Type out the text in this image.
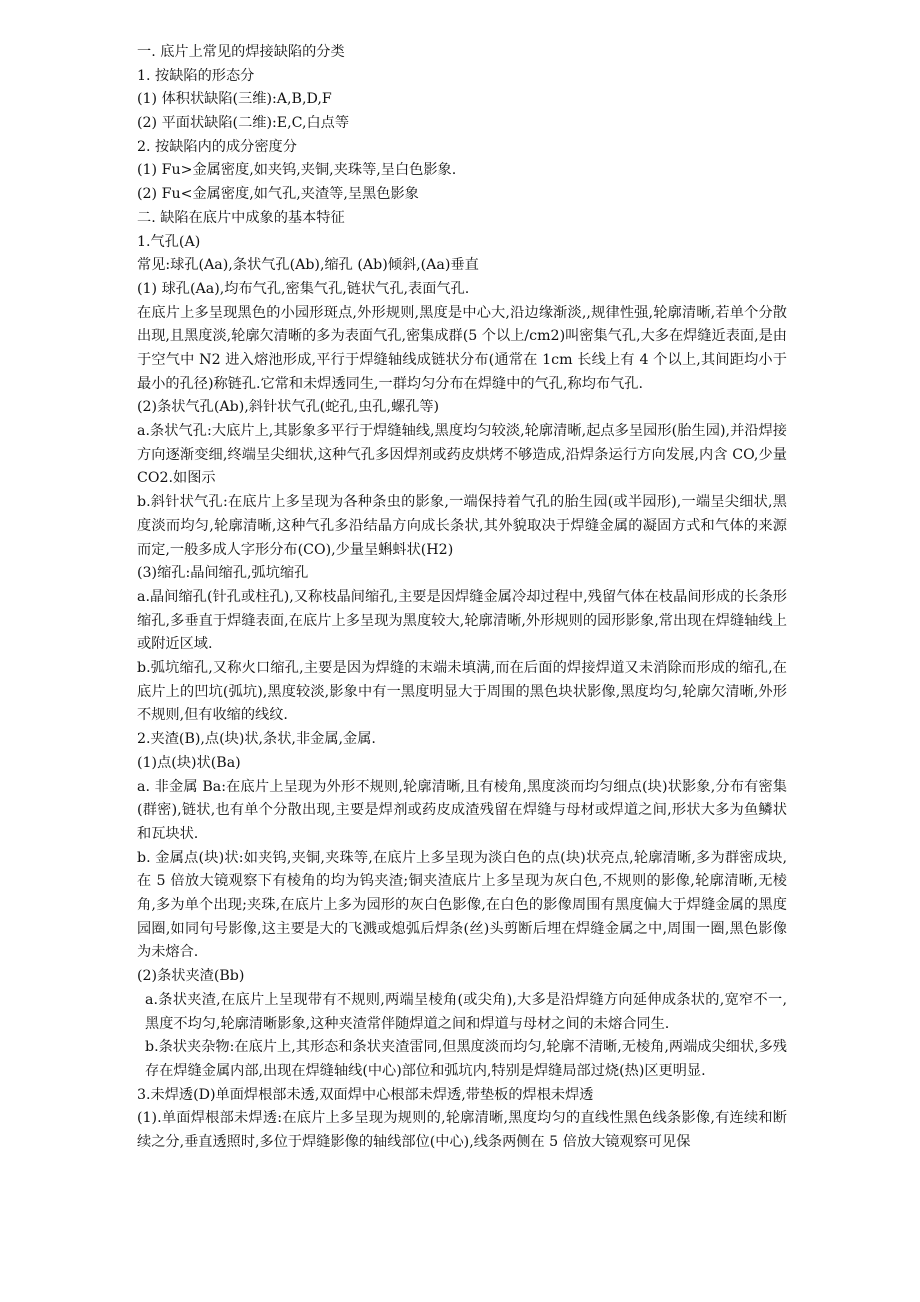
一. 底片上常见的焊接缺陷的分类
1. 按缺陷的形态分
(1) 体积状缺陷(三维):A,B,D,F
(2) 平面状缺陷(二维):E,C,白点等
2. 按缺陷内的成分密度分
(1) Fu>金属密度,如夹钨,夹铜,夹珠等,呈白色影象.
(2) Fu<金属密度,如气孔,夹渣等,呈黑色影象
二. 缺陷在底片中成象的基本特征
1.气孔(A)
常见:球孔(Aa),条状气孔(Ab),缩孔 (Ab)倾斜,(Aa)垂直
(1) 球孔(Aa),均布气孔,密集气孔,链状气孔,表面气孔.
在底片上多呈现黑色的小园形斑点,外形规则,黑度是中心大,沿边缘渐淡,,规律性强,轮廓清晰,若单个分散出现,且黑度淡,轮廓欠清晰的多为表面气孔,密集成群(5 个以上/cm2)叫密集气孔,大多在焊缝近表面,是由于空气中 N2 进入熔池形成,平行于焊缝轴线成链状分布(通常在 1cm 长线上有 4 个以上,其间距均小于最小的孔径)称链孔.它常和未焊透同生,一群均匀分布在焊缝中的气孔,称均布气孔.
(2)条状气孔(Ab),斜针状气孔(蛇孔,虫孔,螺孔等)
a.条状气孔:大底片上,其影象多平行于焊缝轴线,黑度均匀较淡,轮廓清晰,起点多呈园形(胎生园),并沿焊接方向逐渐变细,终端呈尖细状,这种气孔多因焊剂或药皮烘烤不够造成,沿焊条运行方向发展,内含 CO,少量 CO2.如图示
b.斜针状气孔:在底片上多呈现为各种条虫的影象,一端保持着气孔的胎生园(或半园形),一端呈尖细状,黑度淡而均匀,轮廓清晰,这种气孔多沿结晶方向成长条状,其外貌取决于焊缝金属的凝固方式和气体的来源而定,一般多成人字形分布(CO),少量呈蝌蚪状(H2)
(3)缩孔:晶间缩孔,弧坑缩孔
a.晶间缩孔(针孔或柱孔),又称枝晶间缩孔,主要是因焊缝金属冷却过程中,残留气体在枝晶间形成的长条形缩孔,多垂直于焊缝表面,在底片上多呈现为黑度较大,轮廓清晰,外形规则的园形影象,常出现在焊缝轴线上或附近区域.
b.弧坑缩孔,又称火口缩孔,主要是因为焊缝的末端未填满,而在后面的焊接焊道又未消除而形成的缩孔,在底片上的凹坑(弧坑),黑度较淡,影象中有一黑度明显大于周围的黑色块状影像,黑度均匀,轮廓欠清晰,外形不规则,但有收缩的线纹.
2.夹渣(B),点(块)状,条状,非金属,金属.
(1)点(块)状(Ba)
a. 非金属 Ba:在底片上呈现为外形不规则,轮廓清晰,且有棱角,黑度淡而均匀细点(块)状影象,分布有密集(群密),链状,也有单个分散出现,主要是焊剂或药皮成渣残留在焊缝与母材或焊道之间,形状大多为鱼鳞状和瓦块状.
b. 金属点(块)状:如夹钨,夹铜,夹珠等,在底片上多呈现为淡白色的点(块)状亮点,轮廓清晰,多为群密成块,在 5 倍放大镜观察下有棱角的均为钨夹渣;铜夹渣底片上多呈现为灰白色,不规则的影像,轮廓清晰,无棱角,多为单个出现;夹珠,在底片上多为园形的灰白色影像,在白色的影像周围有黑度偏大于焊缝金属的黑度园圈,如同句号影像,这主要是大的飞溅或熄弧后焊条(丝)头剪断后埋在焊缝金属之中,周围一圈,黑色影像为未熔合.
(2)条状夹渣(Bb)
a.条状夹渣,在底片上呈现带有不规则,两端呈棱角(或尖角),大多是沿焊缝方向延伸成条状的,宽窄不一,黑度不均匀,轮廓清晰影象,这种夹渣常伴随焊道之间和焊道与母材之间的未熔合同生.
b.条状夹杂物:在底片上,其形态和条状夹渣雷同,但黑度淡而均匀,轮廓不清晰,无棱角,两端成尖细状,多残存在焊缝金属内部,出现在焊缝轴线(中心)部位和弧坑内,特别是焊缝局部过烧(热)区更明显.
3.未焊透(D)单面焊根部未透,双面焊中心根部未焊透,带垫板的焊根未焊透
(1).单面焊根部未焊透:在底片上多呈现为规则的,轮廓清晰,黑度均匀的直线性黑色线条影像,有连续和断续之分,垂直透照时,多位于焊缝影像的轴线部位(中心),线条两侧在 5 倍放大镜观察可见保
